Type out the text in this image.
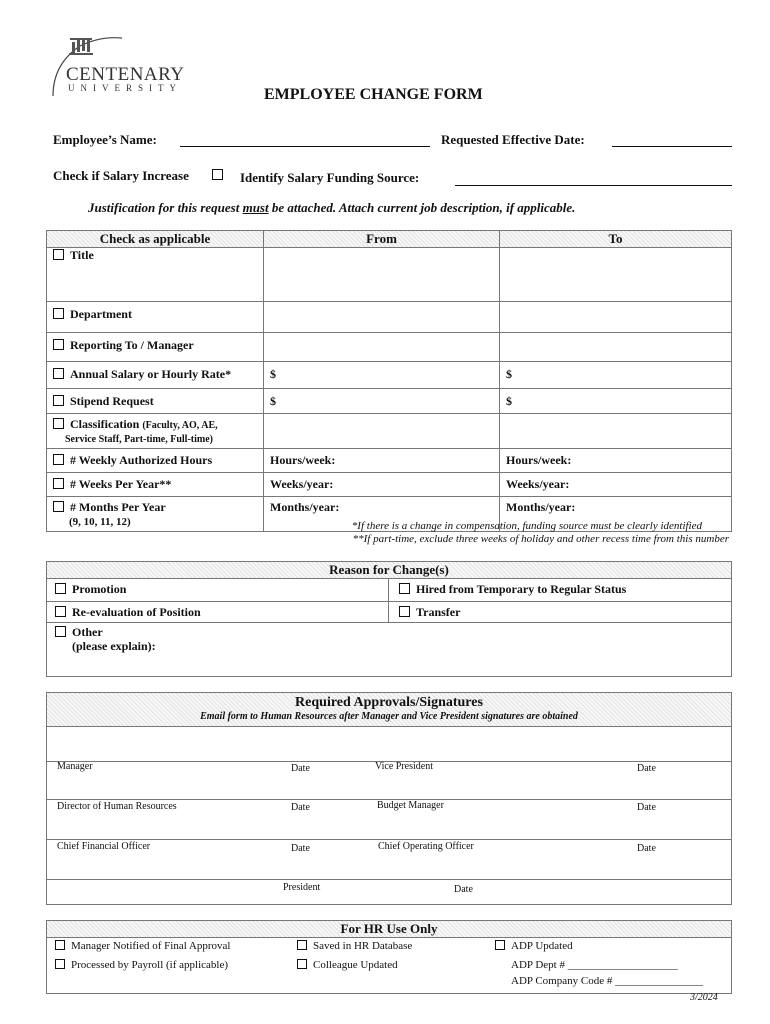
CENTENARY
UNIVERSITY	EMPLOYEE CHANGE FORM
Employee’s Name:	Requested Effective Date:
Check if Salary Increase	Identify Salary Funding Source:
Justification for this request must be attached. Attach current job description, if applicable.
Check as applicable	From	To
Title		
Department		
Reporting To / Manager		
Annual Salary or Hourly Rate*	$	$
Stipend Request	$	$
Classification (Faculty, AO, AE,
Service Staff, Part-time, Full-time)		
# Weekly Authorized Hours	Hours/week:	Hours/week:
# Weeks Per Year**	Weeks/year:	Weeks/year:
# Months Per Year
(9, 10, 11, 12)	Months/year:	Months/year:
*If there is a change in compensation, funding source must be clearly identified
**If part-time, exclude three weeks of holiday and other recess time from this number
Reason for Change(s)
Promotion	Hired from Temporary to Regular Status
Re-evaluation of Position	Transfer
Other
(please explain):
Required Approvals/Signatures
Email form to Human Resources after Manager and Vice President signatures are obtained
Manager	Date	Vice President	Date
Director of Human Resources	Date	Budget Manager	Date
Chief Financial Officer	Date	Chief Operating Officer	Date
President	Date
For HR Use Only
Manager Notified of Final Approval	Saved in HR Database	ADP Updated
Processed by Payroll (if applicable)	Colleague Updated	ADP Dept # ____________________
ADP Company Code # ________________
3/2024
